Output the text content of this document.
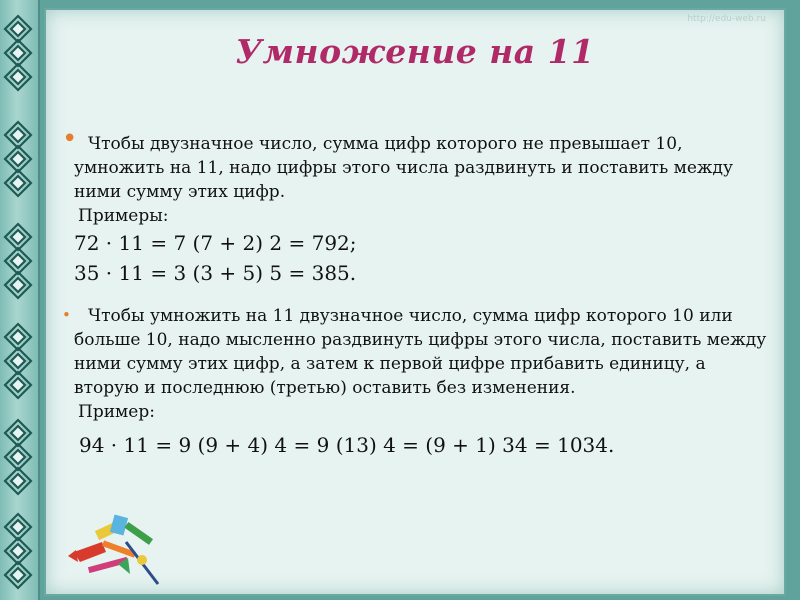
http://edu-web.ru
Умножение на 11
• Чтобы двузначное число, сумма цифр которого не превышает 10, умножить на 11, надо цифры этого числа раздвинуть и поставить между ними сумму этих цифр.
Примеры:
72 · 11 = 7 (7 + 2) 2 = 792;
35 · 11 = 3 (3 + 5) 5 = 385.
•	Чтобы умножить на 11 двузначное число, сумма цифр которого 10 или больше 10, надо мысленно раздвинуть цифры этого числа, поставить между ними сумму этих цифр, а затем к первой цифре прибавить единицу, а вторую и последнюю (третью) оставить без изменения.
Пример:
94 · 11 = 9 (9 + 4) 4 = 9 (13) 4 = (9 + 1) 34 = 1034.
